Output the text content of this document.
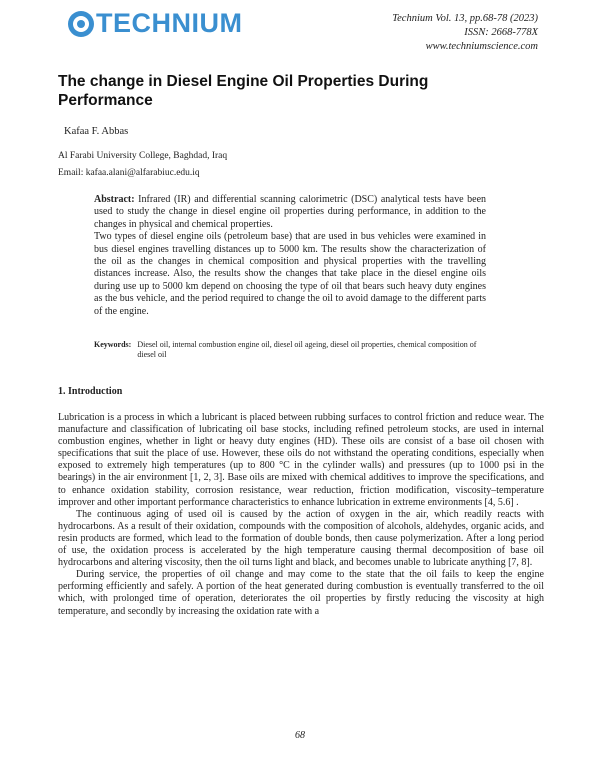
TECHNIUM	Technium Vol. 13, pp.68-78 (2023)
ISSN: 2668-778X
www.techniumscience.com
The change in Diesel Engine Oil Properties During Performance
Kafaa F. Abbas
Al Farabi University College, Baghdad, Iraq
Email: kafaa.alani@alfarabiuc.edu.iq

Abstract: Infrared (IR) and differential scanning calorimetric (DSC) analytical tests have been used to study the change in diesel engine oil properties during performance, in addition to the changes in physical and chemical properties.

Two types of diesel engine oils (petroleum base) that are used in bus vehicles were examined in bus diesel engines travelling distances up to 5000 km. The results show the characterization of the oil as the changes in chemical composition and physical properties with the travelling distances increase. Also, the results show the changes that take place in the diesel engine oils during use up to 5000 km depend on choosing the type of oil that bears such heavy duty engines as the bus vehicle, and the period required to change the oil to avoid damage to the different parts of the engine.

Keywords: Diesel oil, internal combustion engine oil, diesel oil ageing, diesel oil properties, chemical composition of diesel oil
1. Introduction

Lubrication is a process in which a lubricant is placed between rubbing surfaces to control friction and reduce wear. The manufacture and classification of lubricating oil base stocks, including refined petroleum stocks, are used in internal combustion engines, whether in light or heavy duty engines (HD). These oils are consist of a base oil chosen with specifications that suit the place of use. However, these oils do not withstand the operating conditions, especially when exposed to extremely high temperatures (up to 800 °C in the cylinder walls) and pressures (up to 1000 psi in the bearings) in the air environment [1, 2, 3]. Base oils are mixed with chemical additives to improve the specifications, and to enhance oxidation stability, corrosion resistance, wear reduction, friction modification, viscosity–temperature improver and other important performance characteristics to enhance lubrication in extreme environments [4, 5.6] .

The continuous aging of used oil is caused by the action of oxygen in the air, which readily reacts with hydrocarbons. As a result of their oxidation, compounds with the composition of alcohols, aldehydes, organic acids, and resin products are formed, which lead to the formation of double bonds, then cause polymerization. After a long period of use, the oxidation process is accelerated by the high temperature causing thermal decomposition of base oil hydrocarbons and altering viscosity, then the oil turns light and black, and becomes unable to lubricate anything [7, 8].

During service, the properties of oil change and may come to the state that the oil fails to keep the engine performing efficiently and safely. A portion of the heat generated during combustion is eventually transferred to the oil which, with prolonged time of operation, deteriorates the oil properties by firstly reducing the viscosity at high temperature, and secondly by increasing the oxidation rate with a

68
